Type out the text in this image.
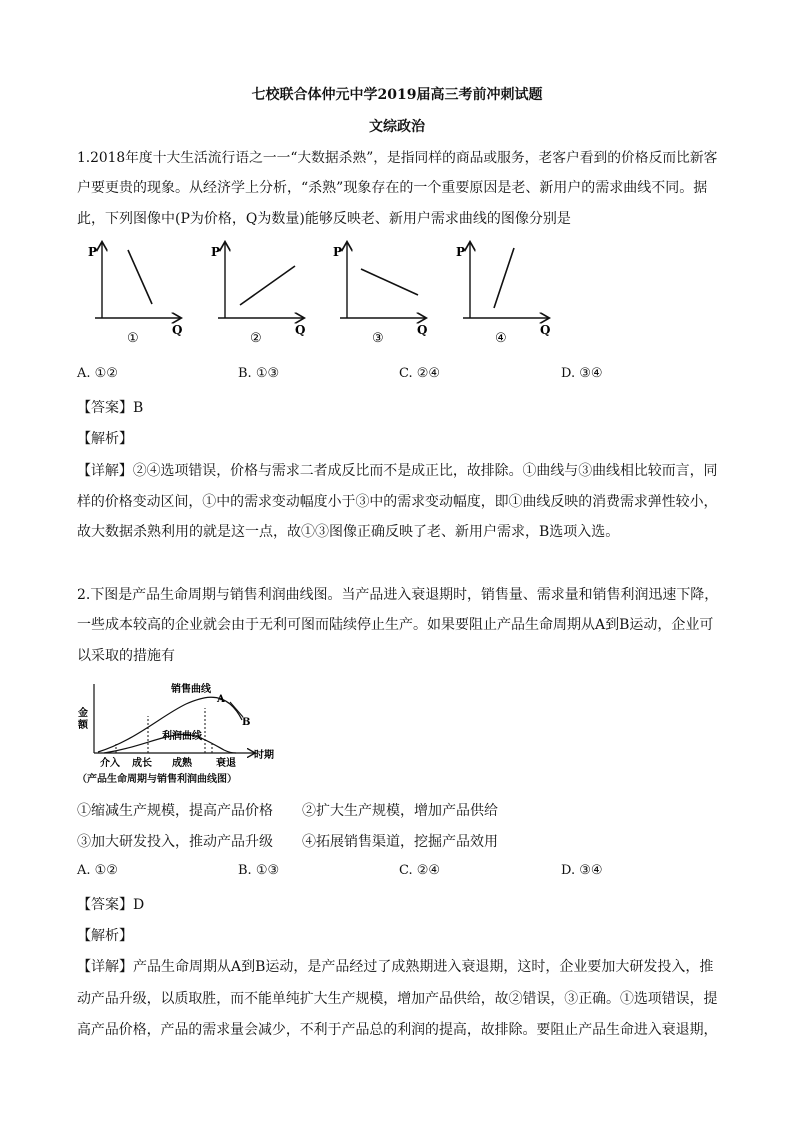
七校联合体仲元中学2019届高三考前冲刺试题
文综政治
1.2018年度十大生活流行语之一一“大数据杀熟”，是指同样的商品或服务，老客户看到的价格反而比新客
户要更贵的现象。从经济学上分析，“杀熟”现象存在的一个重要原因是老、新用户的需求曲线不同。据
此，下列图像中(P为价格，Q为数量)能够反映老、新用户需求曲线的图像分别是
P
Q
①
P
Q
②
P
Q
③
P
Q
④
A. ①②	B. ①③	C. ②④	D. ③④
【答案】B
【解析】
【详解】②④选项错误，价格与需求二者成反比而不是成正比，故排除。①曲线与③曲线相比较而言，同
样的价格变动区间，①中的需求变动幅度小于③中的需求变动幅度，即①曲线反映的消费需求弹性较小，
故大数据杀熟利用的就是这一点，故①③图像正确反映了老、新用户需求，B选项入选。
2.下图是产品生命周期与销售利润曲线图。当产品进入衰退期时，销售量、需求量和销售利润迅速下降，
一些成本较高的企业就会由于无利可图而陆续停止生产。如果要阻止产品生命周期从A到B运动，企业可
以采取的措施有
金
额
销售曲线
A
B
利润曲线
时期
介入 成长 成熟 衰退
（产品生命周期与销售利润曲线图）
①缩减生产规模，提高产品价格 ②扩大生产规模，增加产品供给
③加大研发投入，推动产品升级 ④拓展销售渠道，挖掘产品效用
A. ①②	B. ①③	C. ②④	D. ③④
【答案】D
【解析】
【详解】产品生命周期从A到B运动，是产品经过了成熟期进入衰退期，这时，企业要加大研发投入，推
动产品升级，以质取胜，而不能单纯扩大生产规模，增加产品供给，故②错误，③正确。①选项错误，提
高产品价格，产品的需求量会减少，不利于产品总的利润的提高，故排除。要阻止产品生命进入衰退期，
